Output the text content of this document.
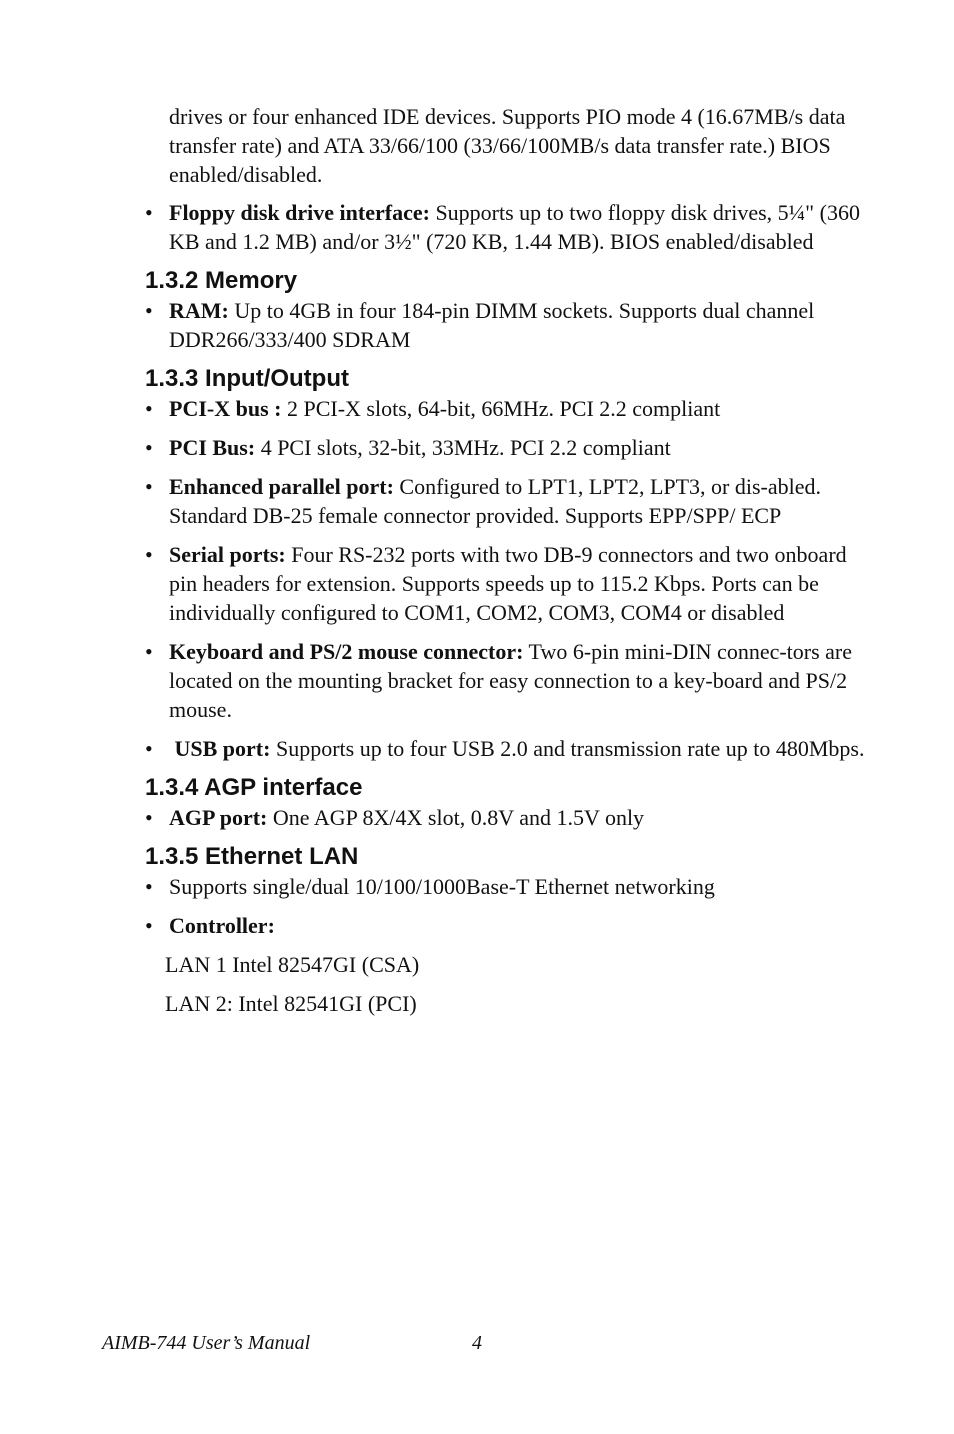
drives or four enhanced IDE devices. Supports PIO mode 4 (16.67MB/s data transfer rate) and ATA 33/66/100 (33/66/100MB/s data transfer rate.) BIOS enabled/disabled.

• Floppy disk drive interface: Supports up to two floppy disk drives, 5¼" (360 KB and 1.2 MB) and/or 3½" (720 KB, 1.44 MB). BIOS enabled/disabled
1.3.2 Memory
• RAM: Up to 4GB in four 184-pin DIMM sockets. Supports dual channel DDR266/333/400 SDRAM
1.3.3 Input/Output
• PCI-X bus : 2 PCI-X slots, 64-bit, 66MHz. PCI 2.2 compliant
• PCI Bus: 4 PCI slots, 32-bit, 33MHz. PCI 2.2 compliant
• Enhanced parallel port: Configured to LPT1, LPT2, LPT3, or dis-abled. Standard DB-25 female connector provided. Supports EPP/SPP/ ECP
• Serial ports: Four RS-232 ports with two DB-9 connectors and two onboard pin headers for extension. Supports speeds up to 115.2 Kbps. Ports can be individually configured to COM1, COM2, COM3, COM4 or disabled
• Keyboard and PS/2 mouse connector: Two 6-pin mini-DIN connec-tors are located on the mounting bracket for easy connection to a key-board and PS/2 mouse.
• USB port: Supports up to four USB 2.0 and transmission rate up to 480Mbps.
1.3.4 AGP interface
• AGP port: One AGP 8X/4X slot, 0.8V and 1.5V only
1.3.5 Ethernet LAN
• Supports single/dual 10/100/1000Base-T Ethernet networking
• Controller:

LAN 1 Intel 82547GI (CSA)

LAN 2: Intel 82541GI (PCI)

AIMB-744 User’s Manual	4
